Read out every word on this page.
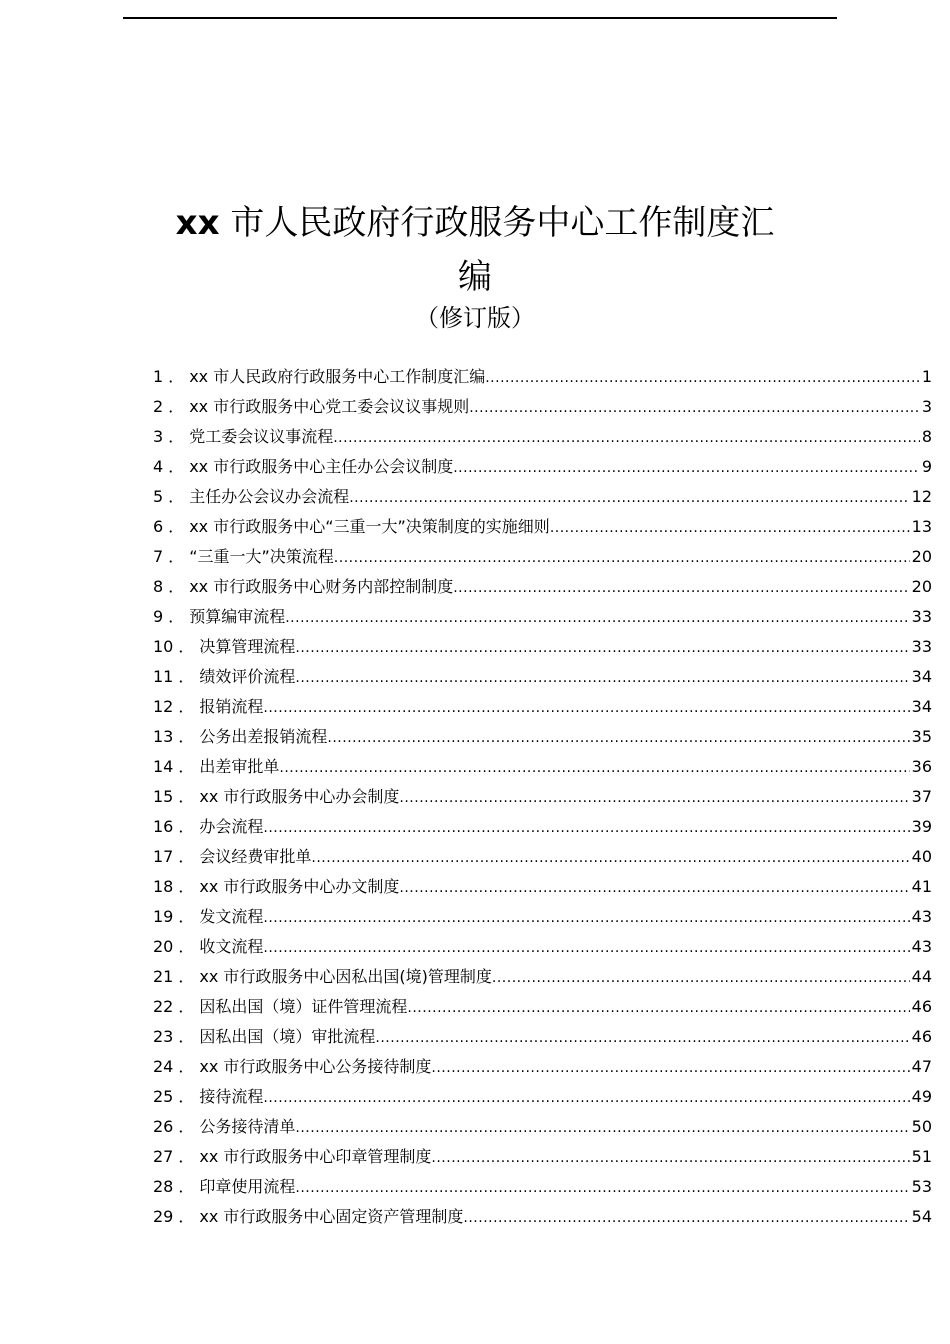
xx 市人民政府行政服务中心工作制度汇
编

（修订版）

1 ． xx 市人民政府行政服务中心工作制度汇编 .....	1
2 ． xx 市行政服务中心党工委会议议事规则 .....	3
3 ． 党工委会议议事流程 .....	8
4 ． xx 市行政服务中心主任办公会议制度 .....	9
5 ． 主任办公会议办会流程 .....	12
6 ． xx 市行政服务中心“三重一大”决策制度的实施细则 .....	13
7 ． “三重一大”决策流程 .....	20
8 ． xx 市行政服务中心财务内部控制制度 .....	20
9 ． 预算编审流程 .....	33
10 ． 决算管理流程 .....	33
11 ． 绩效评价流程 .....	34
12 ． 报销流程 .....	34
13 ． 公务出差报销流程 .....	35
14 ． 出差审批单 .....	36
15 ． xx 市行政服务中心办会制度 .....	37
16 ． 办会流程 .....	39
17 ． 会议经费审批单 .....	40
18 ． xx 市行政服务中心办文制度 .....	41
19 ． 发文流程 .....	43
20 ． 收文流程 .....	43
21 ． xx 市行政服务中心因私出国(境)管理制度 .....	44
22 ． 因私出国（境）证件管理流程 .....	46
23 ． 因私出国（境）审批流程 .....	46
24 ． xx 市行政服务中心公务接待制度 .....	47
25 ． 接待流程 .....	49
26 ． 公务接待清单 .....	50
27 ． xx 市行政服务中心印章管理制度 .....	51
28 ． 印章使用流程 .....	53
29 ． xx 市行政服务中心固定资产管理制度 .....	54
